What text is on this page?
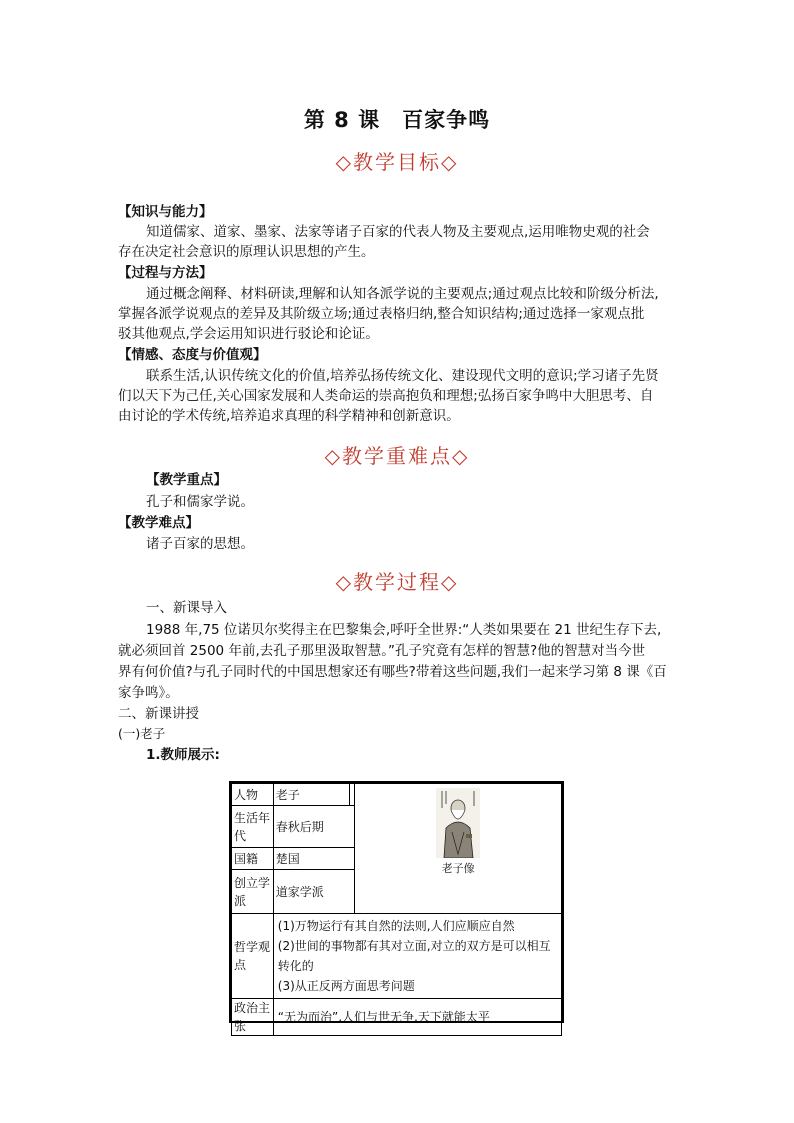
第 8 课　百家争鸣
◇教学目标◇
【知识与能力】
知道儒家、道家、墨家、法家等诸子百家的代表人物及主要观点,运用唯物史观的社会
存在决定社会意识的原理认识思想的产生。
【过程与方法】
通过概念阐释、材料研读,理解和认知各派学说的主要观点;通过观点比较和阶级分析法,
掌握各派学说观点的差异及其阶级立场;通过表格归纳,整合知识结构;通过选择一家观点批
驳其他观点,学会运用知识进行驳论和论证。
【情感、态度与价值观】
联系生活,认识传统文化的价值,培养弘扬传统文化、建设现代文明的意识;学习诸子先贤
们以天下为己任,关心国家发展和人类命运的崇高抱负和理想;弘扬百家争鸣中大胆思考、自
由讨论的学术传统,培养追求真理的科学精神和创新意识。
◇教学重难点◇
【教学重点】
孔子和儒家学说。
【教学难点】
诸子百家的思想。
◇教学过程◇
一、新课导入
1988 年,75 位诺贝尔奖得主在巴黎集会,呼吁全世界:“人类如果要在 21 世纪生存下去,
就必须回首 2500 年前,去孔子那里汲取智慧。”孔子究竟有怎样的智慧?他的智慧对当今世
界有何价值?与孔子同时代的中国思想家还有哪些?带着这些问题,我们一起来学习第 8 课《百
家争鸣》。
二、新课讲授
(一)老子
1.教师展示:
人物	老子		老子像

生活年代	春秋后期		
国籍	楚国		
创立学派	道家学派		
哲学观点	(1)万物运行有其自然的法则,人们应顺应自然
(2)世间的事物都有其对立面,对立的双方是可以相互转化的
(3)从正反两方面思考问题		

政治主张	“无为而治”,人们与世无争,天下就能太平		
